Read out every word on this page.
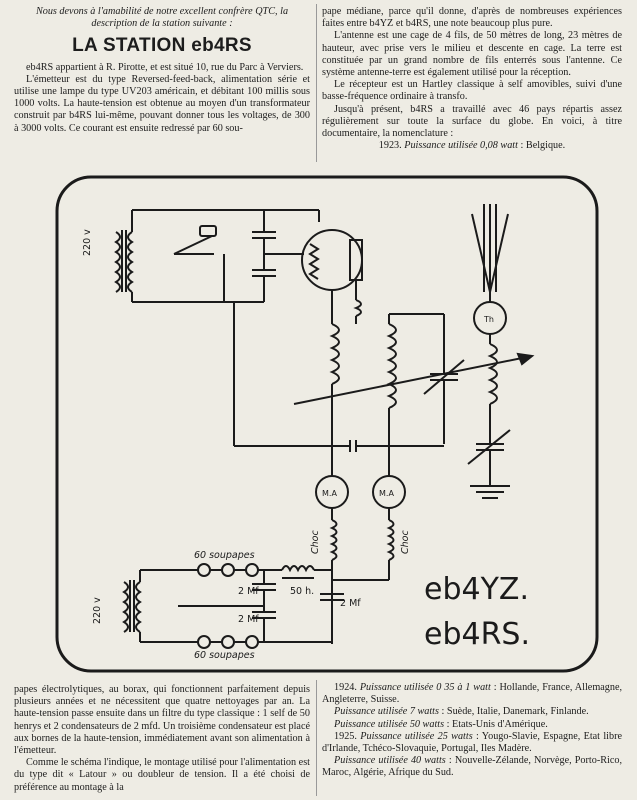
Nous devons à l'amabilité de notre excellent confrère QTC, la description de la station suivante :

LA STATION eb4RS

eb4RS appartient à R. Pirotte, et est situé 10, rue du Parc à Verviers.

L'émetteur est du type Reversed-feed-back, alimentation série et utilise une lampe du type UV203 américain, et débitant 100 millis sous 1000 volts. La haute-tension est obtenue au moyen d'un transformateur construit par b4RS lui-même, pouvant donner tous les voltages, de 300 à 3000 volts. Ce courant est ensuite redressé par 60 sou-

pape médiane, parce qu'il donne, d'après de nombreuses expériences faites entre b4YZ et b4RS, une note beaucoup plus pure.

L'antenne est une cage de 4 fils, de 50 mètres de long, 23 mètres de hauteur, avec prise vers le milieu et descente en cage. La terre est constituée par un grand nombre de fils enterrés sous l'antenne. Ce système antenne-terre est également utilisé pour la réception.

Le récepteur est un Hartley classique à self amovibles, suivi d'une basse-fréquence ordinaire à transfo.

Jusqu'à présent, b4RS a travaillé avec 46 pays répartis assez régulièrement sur toute la surface du globe. En voici, à titre documentaire, la nomenclature :

1923. Puissance utilisée 0,08 watt : Belgique.

220 v
220 v
60 soupapes
60 soupapes
2 Mf
2 Mf
2 Mf
50 h.
Choc	Choc
M.A	M.A
Th
eb4YZ.
eb4RS.

papes électrolytiques, au borax, qui fonctionnent parfaitement depuis plusieurs années et ne nécessitent que quatre nettoyages par an. La haute-tension passe ensuite dans un filtre du type classique : 1 self de 50 henrys et 2 condensateurs de 2 mfd. Un troisième condensateur est placé aux bornes de la haute-tension, immédiatement avant son alimentation à l'émetteur.

Comme le schéma l'indique, le montage utilisé pour l'alimentation est du type dit « Latour » ou doubleur de tension. Il a été choisi de préférence au montage à la

1924. Puissance utilisée 0 35 à 1 watt : Hollande, France, Allemagne, Angleterre, Suisse.

Puissance utilisée 7 watts : Suède, Italie, Danemark, Finlande.

Puissance utilisée 50 watts : Etats-Unis d'Amérique.

1925. Puissance utilisée 25 watts : Yougo-Slavie, Espagne, Etat libre d'Irlande, Tchéco-Slovaquie, Portugal, Iles Madère.

Puissance utilisée 40 watts : Nouvelle-Zélande, Norvège, Porto-Rico, Maroc, Algérie, Afrique du Sud.
